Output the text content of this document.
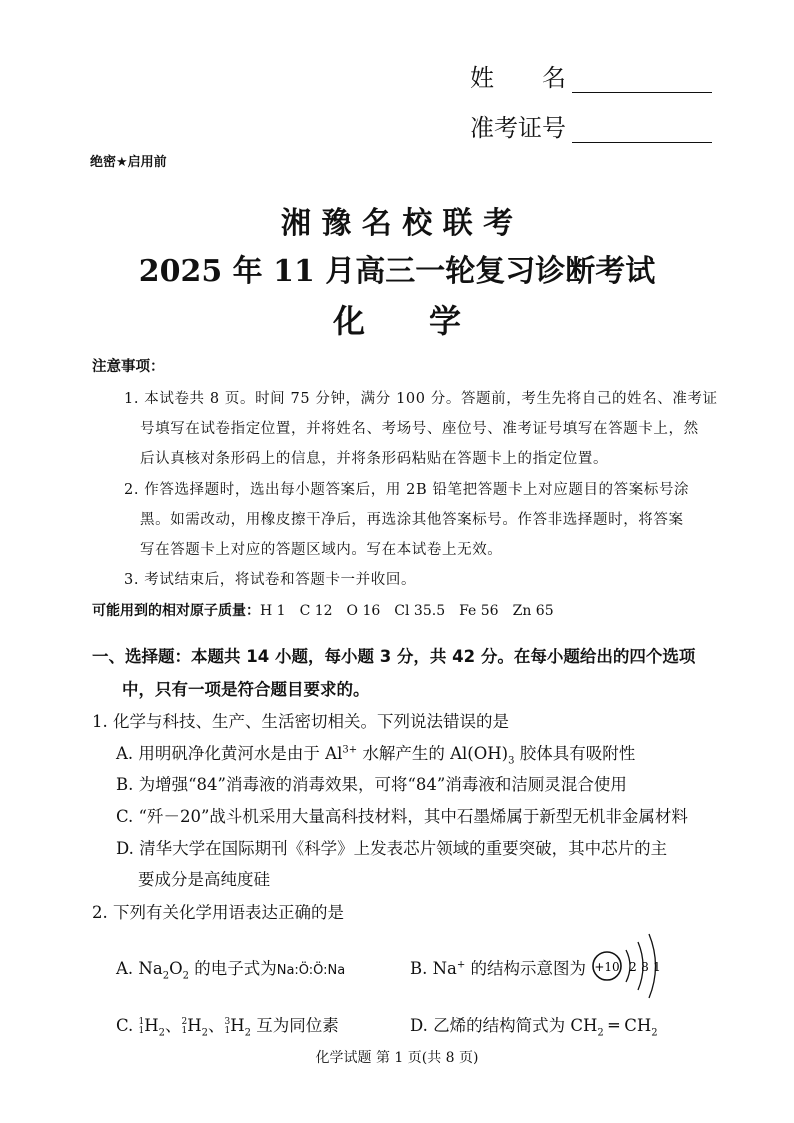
姓　　名
准考证号
绝密★启用前
湘 豫 名 校 联 考
2025 年 11 月高三一轮复习诊断考试
化　　学
注意事项：
1. 本试卷共 8 页。时间 75 分钟，满分 100 分。答题前，考生先将自己的姓名、准考证
号填写在试卷指定位置，并将姓名、考场号、座位号、准考证号填写在答题卡上，然
后认真核对条形码上的信息，并将条形码粘贴在答题卡上的指定位置。
2. 作答选择题时，选出每小题答案后，用 2B 铅笔把答题卡上对应题目的答案标号涂
黑。如需改动，用橡皮擦干净后，再选涂其他答案标号。作答非选择题时，将答案
写在答题卡上对应的答题区域内。写在本试卷上无效。
3. 考试结束后，将试卷和答题卡一并收回。
可能用到的相对原子质量：H 1　C 12　O 16　Cl 35.5　Fe 56　Zn 65
一、选择题：本题共 14 小题，每小题 3 分，共 42 分。在每小题给出的四个选项
中，只有一项是符合题目要求的。
1. 化学与科技、生产、生活密切相关。下列说法错误的是
A. 用明矾净化黄河水是由于 $Al^{3+}$ 水解产生的 $Al(OH)_3$ 胶体具有吸附性
B. 为增强“84”消毒液的消毒效果，可将“84”消毒液和洁厕灵混合使用
C. “歼－20”战斗机采用大量高科技材料，其中石墨烯属于新型无机非金属材料
D. 清华大学在国际期刊《科学》上发表芯片领域的重要突破，其中芯片的主
要成分是高纯度硅
2. 下列有关化学用语表达正确的是
A. $Na_2O_2$ 的电子式为Na:Ö:Ö:Na	B. Na+ 的结构示意图为 +10 2 8 1
C. 1
1 $H_2$、 2
1 $H_2$、 3
1 $H_2$ 互为同位素	D. 乙烯的结构简式为 $CH_2$ ═ $CH_2$
化学试题 第 1 页(共 8 页)
